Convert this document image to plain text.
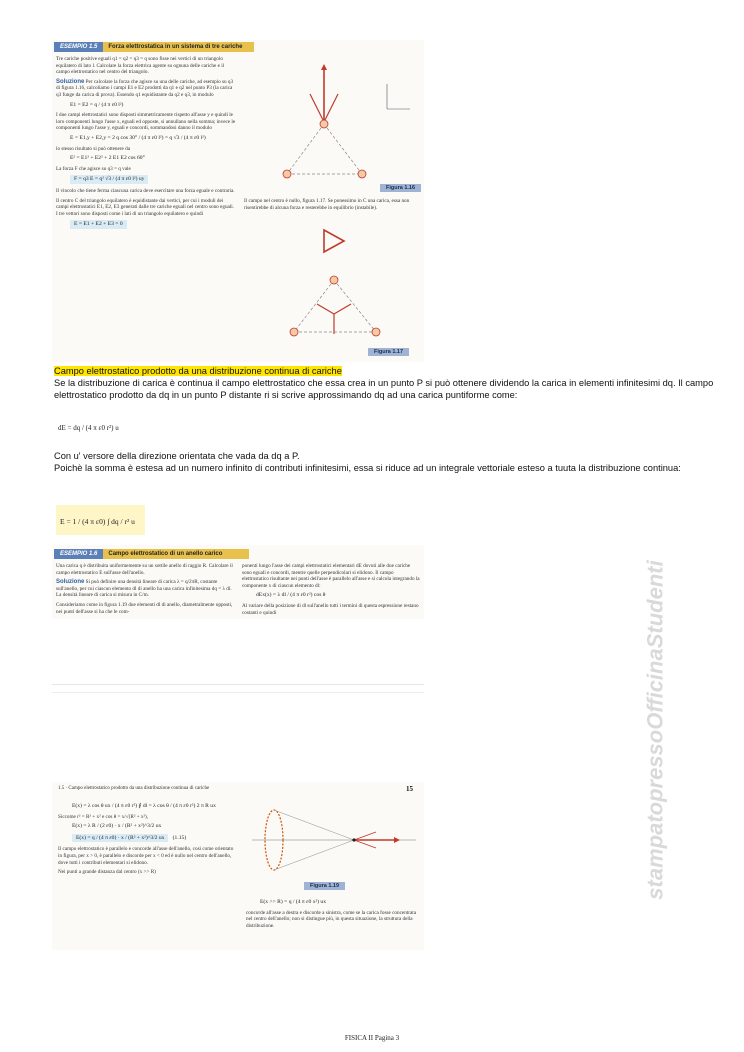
ESEMPIO 1.5	Forza elettrostatica in un sistema di tre cariche

Tre cariche positive eguali q1 = q2 = q3 = q sono fisse nei vertici di un triangolo equilatero di lato l. Calcolare la forza elettrica agente su ognuna delle cariche e il campo elettrostatico nel centro del triangolo.

Soluzione Per calcolare la forza che agisce su una delle cariche, ad esempio su q3 di figura 1.16, calcoliamo i campi E1 e E2 prodotti da q1 e q2 nel punto P3 (la carica q3 funge da carica di prova). Essendo q1 equidistante da q2 e q3, in modulo

E1 = E2 = q / (4 π ε0 l²)

I due campi elettrostatici sono disposti simmetricamente rispetto all'asse y e quindi le loro componenti lungo l'asse x, eguali ed opposte, si annullano nella somma; invece le componenti lungo l'asse y, eguali e concordi, sommandosi danno il modulo

E = E1,y + E2,y = 2 q cos 30° / (4 π ε0 l²) = q √3 / (4 π ε0 l²)

lo stesso risultato si può ottenere da

E² = E1² + E2² + 2 E1 E2 cos 60°

La forza F che agisce su q3 = q vale

F = q3 E = q² √3 / (4 π ε0 l²) uy

Il vincolo che tiene ferma ciascuna carica deve esercitare una forza eguale e contraria.

Il centro C del triangolo equilatero è equidistante dai vertici, per cui i moduli dei campi elettrostatici E1, E2, E3 generati dalle tre cariche eguali nel centro sono eguali. I tre vettori sono disposti come i lati di un triangolo equilatero e quindi

E = E1 + E2 + E3 = 0
Figura 1.16
Il campo nel centro è nullo, figura 1.17. Se ponessimo in C una carica, essa non risentirebbe di alcuna forza e resterebbe in equilibrio (instabile).
Figura 1.17
Campo elettrostatico prodotto da una distribuzione continua di cariche
Se la distribuzione di carica è continua il campo elettrostatico che essa crea in un punto P si può ottenere dividendo la carica in elementi infinitesimi dq. Il campo elettrostatico prodotto da dq in un punto P distante ri si scrive approssimando dq ad una carica puntiforme come:
dE = dq / (4 π ε0 r²) u
Con u' versore della direzione orientata che vada da dq a P.
Poichè la somma è estesa ad un numero infinito di contributi infinitesimi, essa si riduce ad un integrale vettoriale esteso a tuuta la distribuzione continua:
E = 1 / (4 π ε0) ∫ dq / r² u
ESEMPIO 1.6	Campo elettrostatico di un anello carico

Una carica q è distribuita uniformemente su un sottile anello di raggio R. Calcolare il campo elettrostatico E sull'asse dell'anello.

Soluzione Si può definire una densità lineare di carica λ = q/2πR, costante sull'anello, per cui ciascun elemento dl di anello ha una carica infinitesima dq = λ dl. La densità lineare di carica si misura in C/m.

Consideriamo come in figura 1.19 due elementi dl di anello, diametralmente opposti, nei punti dell'asse si ha che le com-

ponenti lungo l'asse dei campi elettrostatici elementari dE dovuti alle due cariche sono eguali e concordi, mentre quelle perpendicolari si elidono. Il campo elettrostatico risultante nei punti dell'asse è parallelo all'asse e si calcola integrando la componente x di ciascun elemento dl:

dEx(x) = λ dl / (4 π ε0 r²) cos θ

Al variare della posizione di dl sull'anello tutti i termini di questa espressione restano costanti e quindi

1.5 · Campo elettrostatico prodotto da una distribuzione continua di cariche	15
E(x) = λ cos θ ux / (4 π ε0 r²) ∮ dl = λ cos θ / (4 π ε0 r²) 2 π R ux

Siccome r² = R² + x² e cos θ = x/√(R² + x²),

E(x) = λ R / (2 ε0) · x / (R² + x²)^3/2 ux
E(x) = q / (4 π ε0) · x / (R² + x²)^3/2 ux (1.15)

Il campo elettrostatico è parallelo e concorde all'asse dell'anello, così come orientato in figura, per x > 0, è parallelo e discorde per x < 0 ed è nullo nel centro dell'anello, dove tutti i contributi elementari si elidono.

Nei punti a grande distanza dal centro (x >> R)

Figura 1.19
E(x >> R) = q / (4 π ε0 x²) ux

concorde all'asse a destra e discorde a sinistra, come se la carica fosse concentrata nel centro dell'anello; non si distingue più, in questa situazione, la struttura della distribuzione.

stampatopressoOfficinaStudenti
FISICA II Pagina 3
